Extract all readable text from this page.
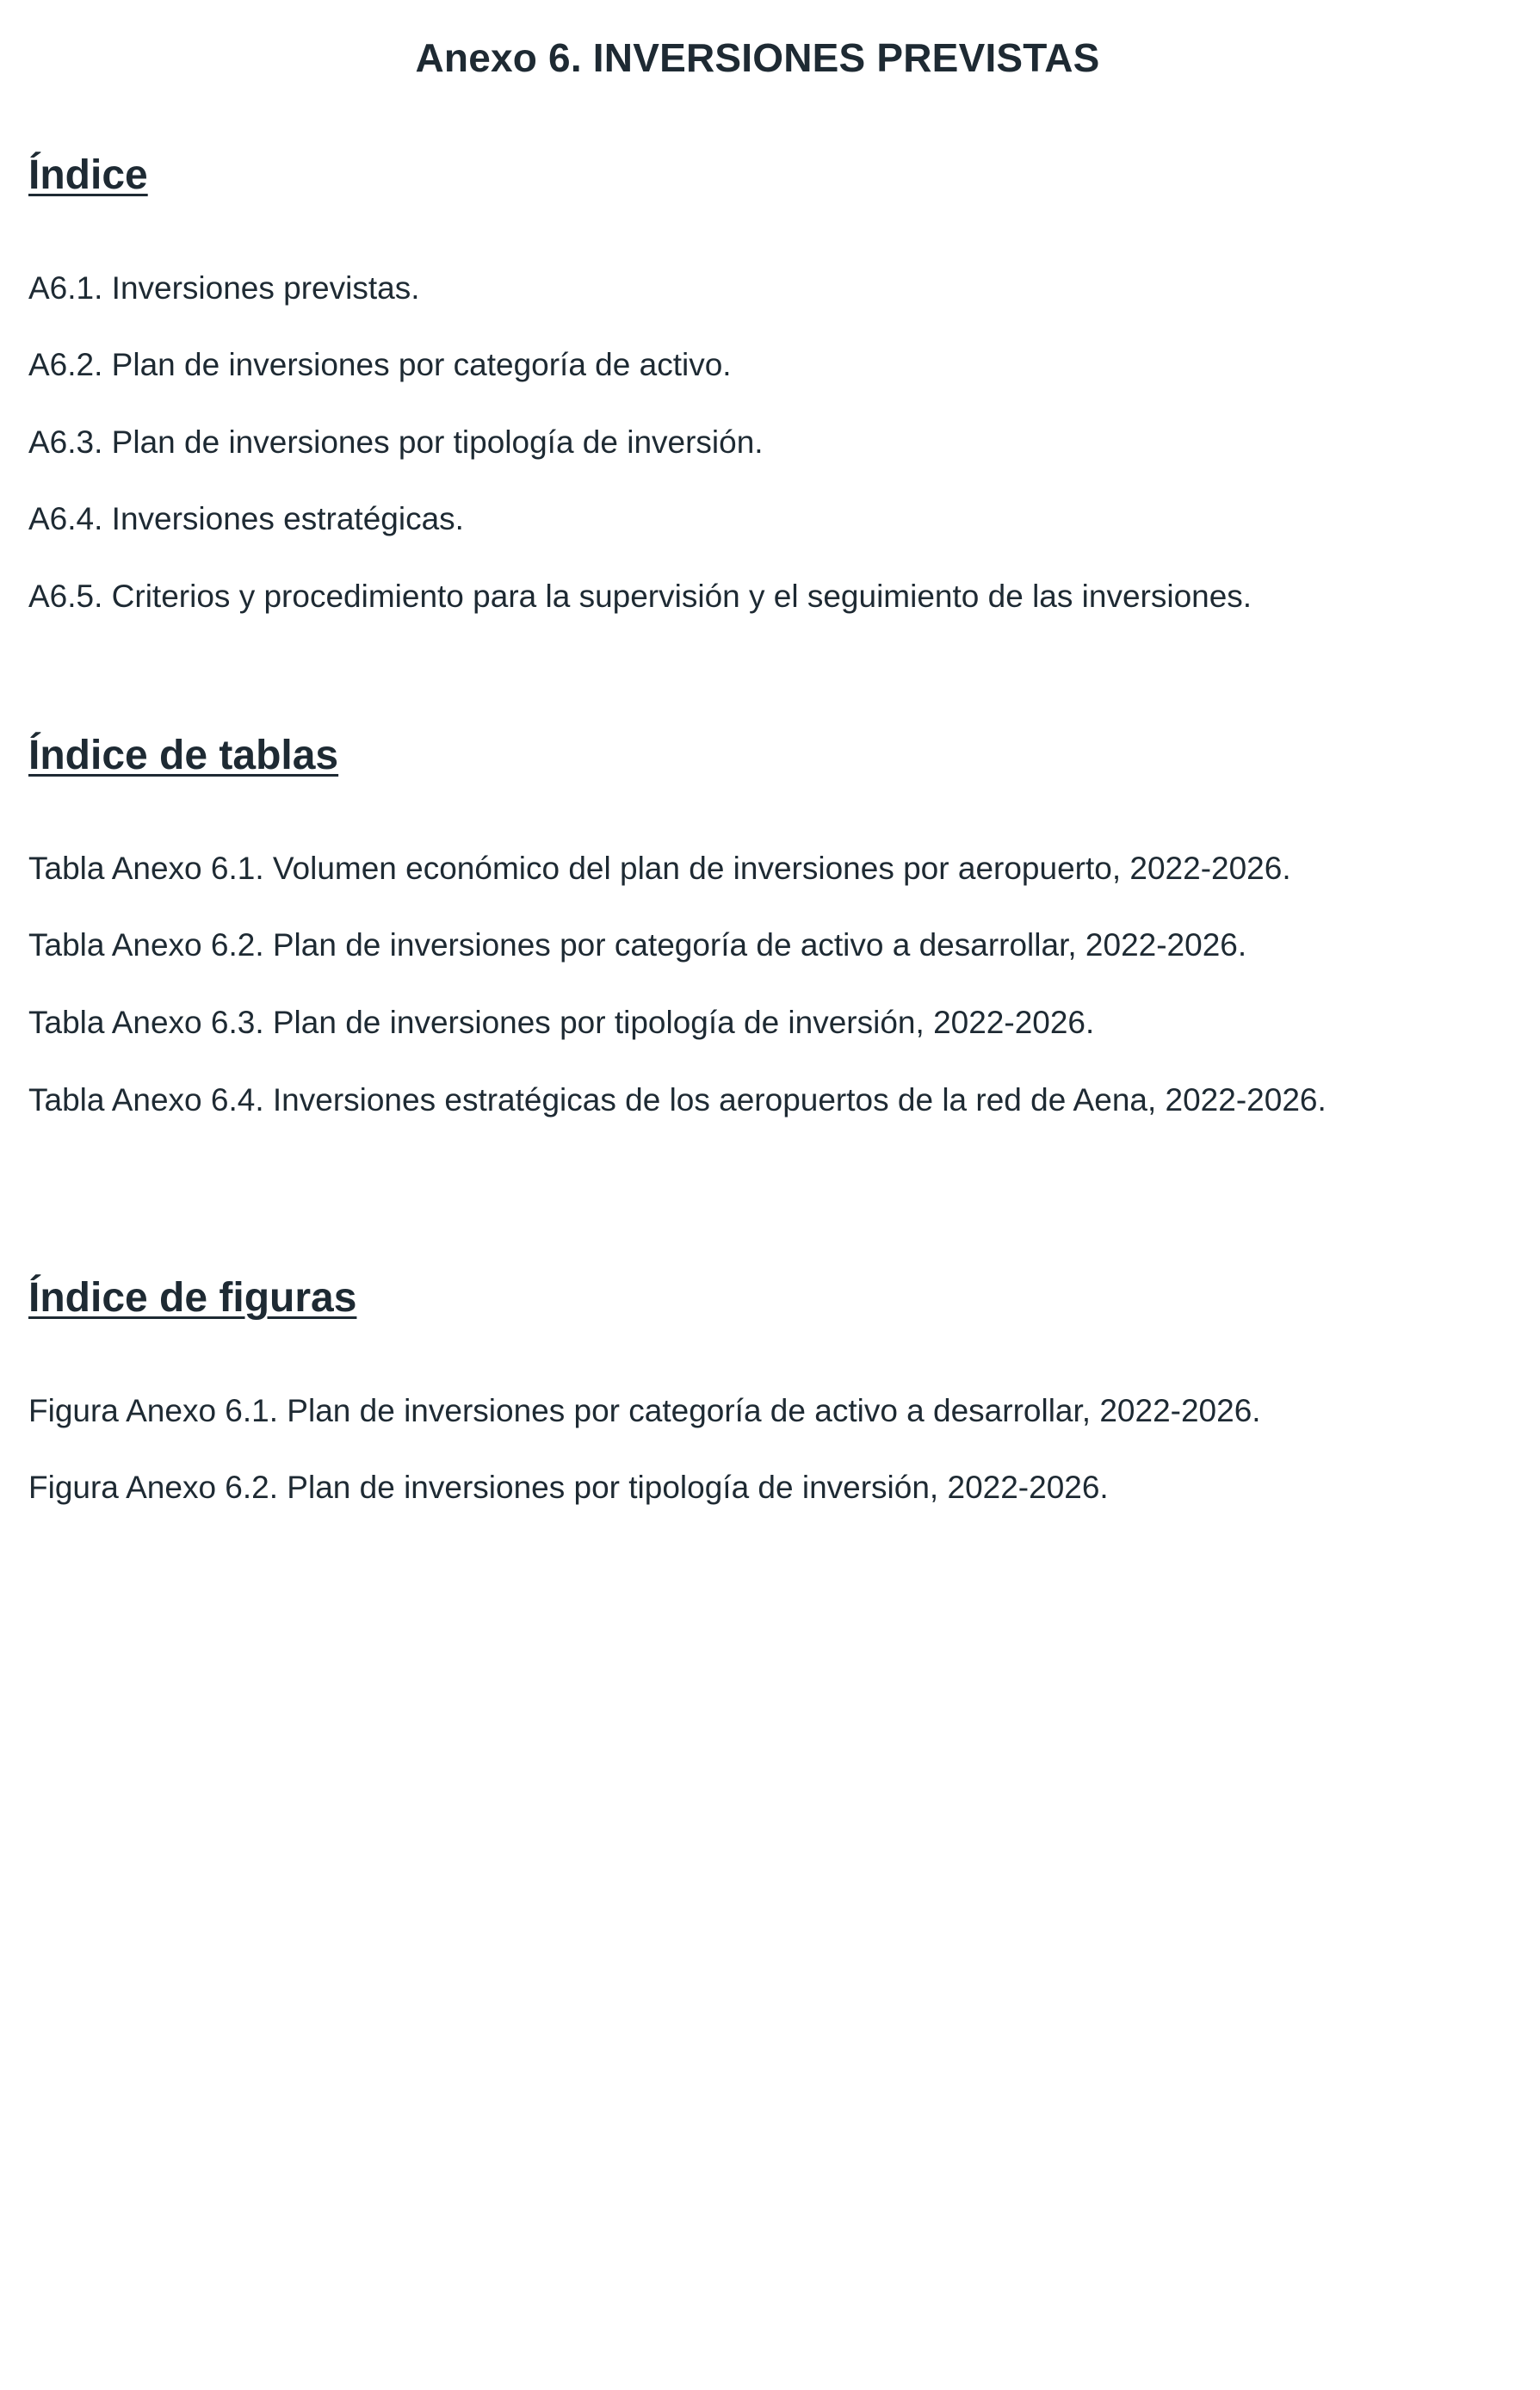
Anexo 6. INVERSIONES PREVISTAS
Índice

A6.1. Inversiones previstas.

A6.2. Plan de inversiones por categoría de activo.

A6.3. Plan de inversiones por tipología de inversión.

A6.4. Inversiones estratégicas.

A6.5. Criterios y procedimiento para la supervisión y el seguimiento de las inversiones.

Índice de tablas

Tabla Anexo 6.1. Volumen económico del plan de inversiones por aeropuerto, 2022-2026.

Tabla Anexo 6.2. Plan de inversiones por categoría de activo a desarrollar, 2022-2026.

Tabla Anexo 6.3. Plan de inversiones por tipología de inversión, 2022-2026.

Tabla Anexo 6.4. Inversiones estratégicas de los aeropuertos de la red de Aena, 2022-2026.

Índice de figuras

Figura Anexo 6.1. Plan de inversiones por categoría de activo a desarrollar, 2022-2026.

Figura Anexo 6.2. Plan de inversiones por tipología de inversión, 2022-2026.
